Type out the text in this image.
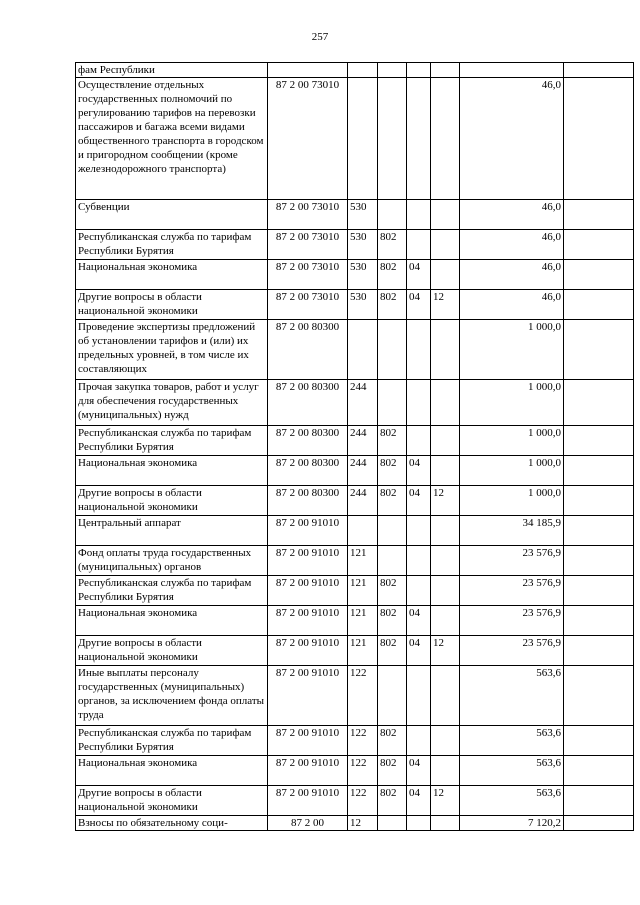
257
фам Республики							
Осуществление отдельных государственных полномочий по регулированию тарифов на перевозки пассажиров и багажа всеми видами общественного транспорта в городском и пригородном сообщении (кроме железнодорожного транспорта)	87 2 00 73010					46,0	
Субвенции	87 2 00 73010	530				46,0	
Республиканская служба по тарифам Республики Бурятия	87 2 00 73010	530	802			46,0	
Национальная экономика	87 2 00 73010	530	802	04		46,0	
Другие вопросы в области национальной экономики	87 2 00 73010	530	802	04	12	46,0	
Проведение экспертизы предложений об установлении тарифов и (или) их предельных уровней, в том числе их составляющих	87 2 00 80300					1 000,0	
Прочая закупка товаров, работ и услуг для обеспечения государственных (муниципальных) нужд	87 2 00 80300	244				1 000,0	
Республиканская служба по тарифам Республики Бурятия	87 2 00 80300	244	802			1 000,0	
Национальная экономика	87 2 00 80300	244	802	04		1 000,0	
Другие вопросы в области национальной экономики	87 2 00 80300	244	802	04	12	1 000,0	
Центральный аппарат	87 2 00 91010					34 185,9	
Фонд оплаты труда государственных (муниципальных) органов	87 2 00 91010	121				23 576,9	
Республиканская служба по тарифам Республики Бурятия	87 2 00 91010	121	802			23 576,9	
Национальная экономика	87 2 00 91010	121	802	04		23 576,9	
Другие вопросы в области национальной экономики	87 2 00 91010	121	802	04	12	23 576,9	
Иные выплаты персоналу государственных (муниципальных) органов, за исключением фонда оплаты труда	87 2 00 91010	122				563,6	
Республиканская служба по тарифам Республики Бурятия	87 2 00 91010	122	802			563,6	
Национальная экономика	87 2 00 91010	122	802	04		563,6	
Другие вопросы в области национальной экономики	87 2 00 91010	122	802	04	12	563,6	
Взносы по обязательному соци-	87 2 00	12				7 120,2	
